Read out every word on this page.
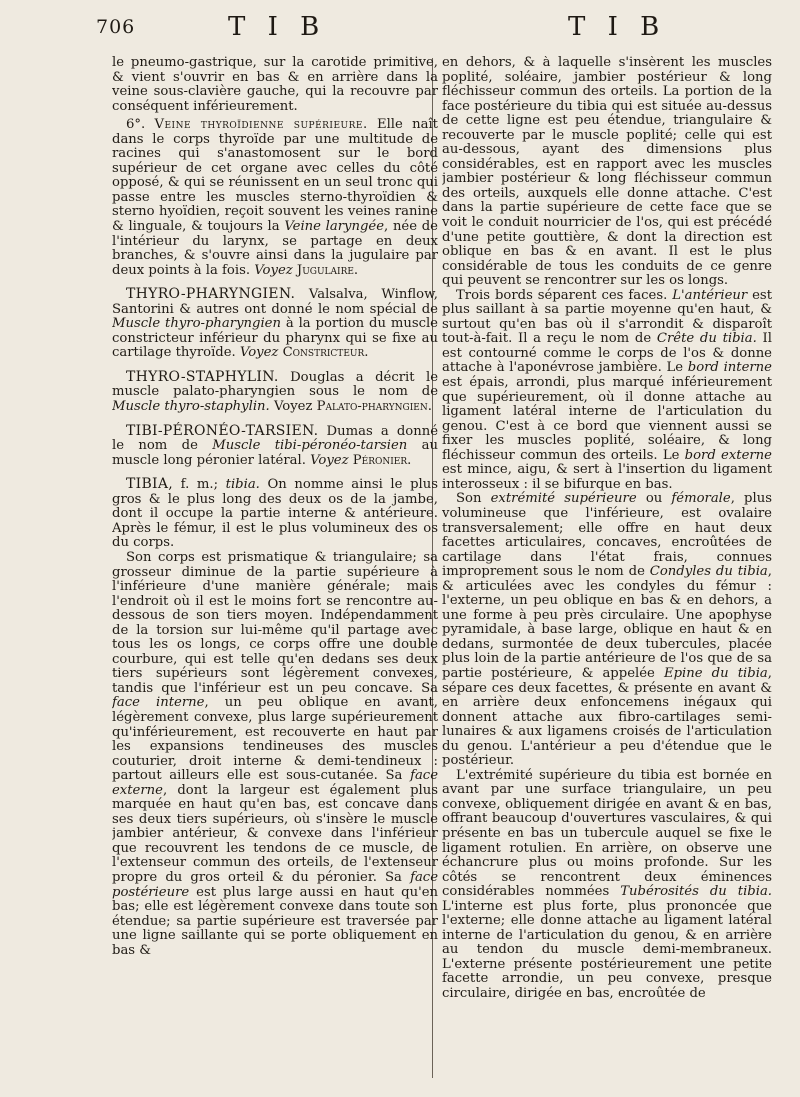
706	T I B	T I B

le pneumo-gastrique, sur la carotide primitive, & vient s'ouvrir en bas & en arrière dans la veine sous-clavière gauche, qui la recouvre par conséquent inférieurement.

6°. Veine thyroïdienne supérieure. Elle naît dans le corps thyroïde par une multitude de racines qui s'anastomosent sur le bord supérieur de cet organe avec celles du côté opposé, & qui se réunissent en un seul tronc qui passe entre les muscles sterno-thyroïdien & sterno hyoïdien, reçoit souvent les veines ranine & linguale, & toujours la Veine laryngée, née de l'intérieur du larynx, se partage en deux branches, & s'ouvre ainsi dans la jugulaire par deux points à la fois. Voyez Jugulaire.

THYRO-PHARYNGIEN. Valsalva, Winflow, Santorini & autres ont donné le nom spécial de Muscle thyro-pharyngien à la portion du muscle constricteur inférieur du pharynx qui se fixe au cartilage thyroïde. Voyez Constricteur.

THYRO-STAPHYLIN. Douglas a décrit le muscle palato-pharyngien sous le nom de Muscle thyro-staphylin. Voyez Palato-pharyngien.

TIBI-PÉRONÉO-TARSIEN. Dumas a donné le nom de Muscle tibi-péronéo-tarsien au muscle long péronier latéral. Voyez Péronier.

TIBIA, f. m.; tibia. On nomme ainsi le plus gros & le plus long des deux os de la jambe, dont il occupe la partie interne & antérieure. Après le fémur, il est le plus volumineux des os du corps.

Son corps est prismatique & triangulaire; sa grosseur diminue de la partie supérieure à l'inférieure d'une manière générale; mais l'endroit où il est le moins fort se rencontre au-dessous de son tiers moyen. Indépendamment de la torsion sur lui-même qu'il partage avec tous les os longs, ce corps offre une double courbure, qui est telle qu'en dedans ses deux tiers supérieurs sont légèrement convexes, tandis que l'inférieur est un peu concave. Sa face interne, un peu oblique en avant, légèrement convexe, plus large supérieurement qu'inférieurement, est recouverte en haut par les expansions tendineuses des muscles couturier, droit interne & demi-tendineux : partout ailleurs elle est sous-cutanée. Sa face externe, dont la largeur est également plus marquée en haut qu'en bas, est concave dans ses deux tiers supérieurs, où s'insère le muscle jambier antérieur, & convexe dans l'inférieur que recouvrent les tendons de ce muscle, de l'extenseur commun des orteils, de l'extenseur propre du gros orteil & du péronier. Sa face postérieure est plus large aussi en haut qu'en bas; elle est légèrement convexe dans toute son étendue; sa partie supérieure est traversée par une ligne saillante qui se porte obliquement en bas &

en dehors, & à laquelle s'insèrent les muscles poplité, soléaire, jambier postérieur & long fléchisseur commun des orteils. La portion de la face postérieure du tibia qui est située au-dessus de cette ligne est peu étendue, triangulaire & recouverte par le muscle poplité; celle qui est au-dessous, ayant des dimensions plus considérables, est en rapport avec les muscles jambier postérieur & long fléchisseur commun des orteils, auxquels elle donne attache. C'est dans la partie supérieure de cette face que se voit le conduit nourricier de l'os, qui est précédé d'une petite gouttière, & dont la direction est oblique en bas & en avant. Il est le plus considérable de tous les conduits de ce genre qui peuvent se rencontrer sur les os longs.

Trois bords séparent ces faces. L'antérieur est plus saillant à sa partie moyenne qu'en haut, & surtout qu'en bas où il s'arrondit & disparoît tout-à-fait. Il a reçu le nom de Crête du tibia. Il est contourné comme le corps de l'os & donne attache à l'aponévrose jambière. Le bord interne est épais, arrondi, plus marqué inférieurement que supérieurement, où il donne attache au ligament latéral interne de l'articulation du genou. C'est à ce bord que viennent aussi se fixer les muscles poplité, soléaire, & long fléchisseur commun des orteils. Le bord externe est mince, aigu, & sert à l'insertion du ligament interosseux : il se bifurque en bas.

Son extrémité supérieure ou fémorale, plus volumineuse que l'inférieure, est ovalaire transversalement; elle offre en haut deux facettes articulaires, concaves, encroûtées de cartilage dans l'état frais, connues improprement sous le nom de Condyles du tibia, & articulées avec les condyles du fémur : l'externe, un peu oblique en bas & en dehors, a une forme à peu près circulaire. Une apophyse pyramidale, à base large, oblique en haut & en dedans, surmontée de deux tubercules, placée plus loin de la partie antérieure de l'os que de sa partie postérieure, & appelée Epine du tibia, sépare ces deux facettes, & présente en avant & en arrière deux enfoncemens inégaux qui donnent attache aux fibro-cartilages semi-lunaires & aux ligamens croisés de l'articulation du genou. L'antérieur a peu d'étendue que le postérieur.

L'extrémité supérieure du tibia est bornée en avant par une surface triangulaire, un peu convexe, obliquement dirigée en avant & en bas, offrant beaucoup d'ouvertures vasculaires, & qui présente en bas un tubercule auquel se fixe le ligament rotulien. En arrière, on observe une échancrure plus ou moins profonde. Sur les côtés se rencontrent deux éminences considérables nommées Tubérosités du tibia. L'interne est plus forte, plus prononcée que l'externe; elle donne attache au ligament latéral interne de l'articulation du genou, & en arrière au tendon du muscle demi-membraneux. L'externe présente postérieurement une petite facette arrondie, un peu convexe, presque circulaire, dirigée en bas, encroûtée de
